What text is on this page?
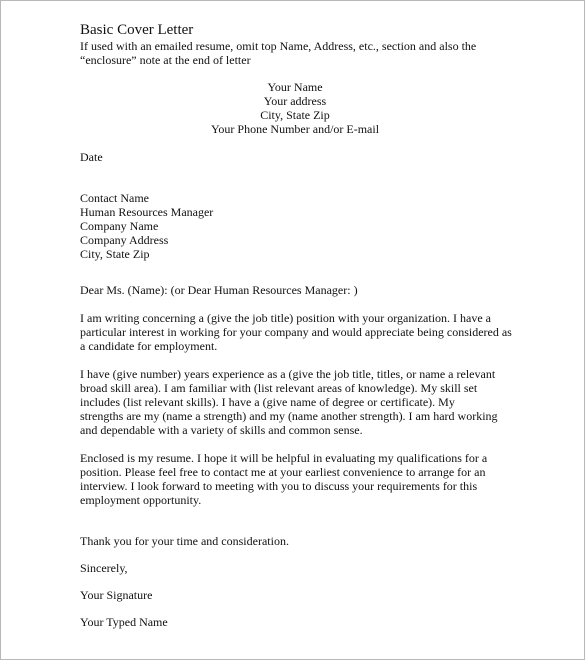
Basic Cover Letter
If used with an emailed resume, omit top Name, Address, etc., section and also the
“enclosure” note at the end of letter
Your Name
Your address
City, State Zip
Your Phone Number and/or E-mail
Date
Contact Name
Human Resources Manager
Company Name
Company Address
City, State Zip
Dear Ms. (Name): (or Dear Human Resources Manager: )
I am writing concerning a (give the job title) position with your organization. I have a
particular interest in working for your company and would appreciate being considered as
a candidate for employment.
I have (give number) years experience as a (give the job title, titles, or name a relevant
broad skill area). I am familiar with (list relevant areas of knowledge). My skill set
includes (list relevant skills). I have a (give name of degree or certificate). My
strengths are my (name a strength) and my (name another strength). I am hard working
and dependable with a variety of skills and common sense.
Enclosed is my resume. I hope it will be helpful in evaluating my qualifications for a
position. Please feel free to contact me at your earliest convenience to arrange for an
interview. I look forward to meeting with you to discuss your requirements for this
employment opportunity.
Thank you for your time and consideration.
Sincerely,
Your Signature
Your Typed Name
